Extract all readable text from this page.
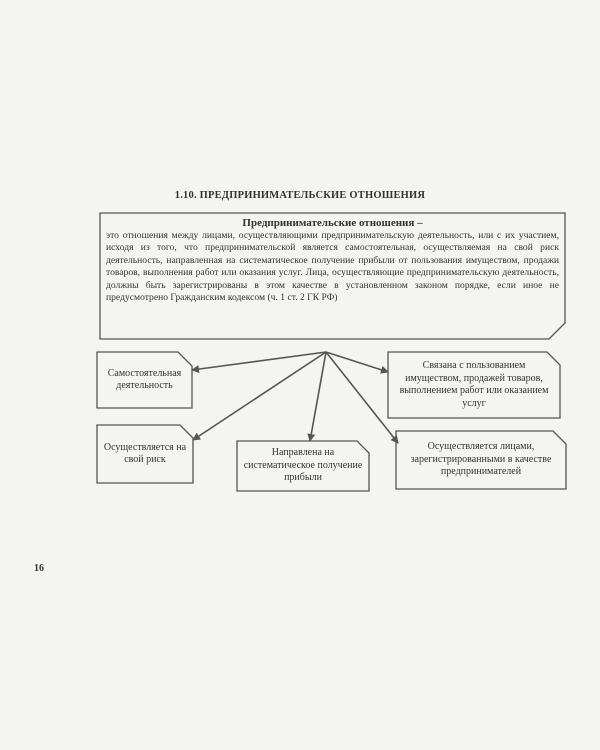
1.10. ПРЕДПРИНИМАТЕЛЬСКИЕ ОТНОШЕНИЯ
Предпринимательские отношения –
это отношения между лицами, осуществляющими предпринимательскую деятельность, или с их участием, исходя из того, что предпринимательской является самостоятельная, осуществляемая на свой риск деятельность, направленная на систематическое получение прибыли от пользования имуществом, продажи товаров, выполнения работ или оказания услуг. Лица, осуществляющие предпринимательскую деятельность, должны быть зарегистрированы в этом качестве в установленном законом порядке, если иное не предусмотрено Гражданским кодексом (ч. 1 ст. 2 ГК РФ)
Самостоятельная деятельность
Связана с пользованием имуществом, продажей товаров, выполнением работ или оказанием услуг
Осуществляется на свой риск
Направлена на систематическое получение прибыли
Осуществляется лицами, зарегистрированными в качестве предпринимателей
16
